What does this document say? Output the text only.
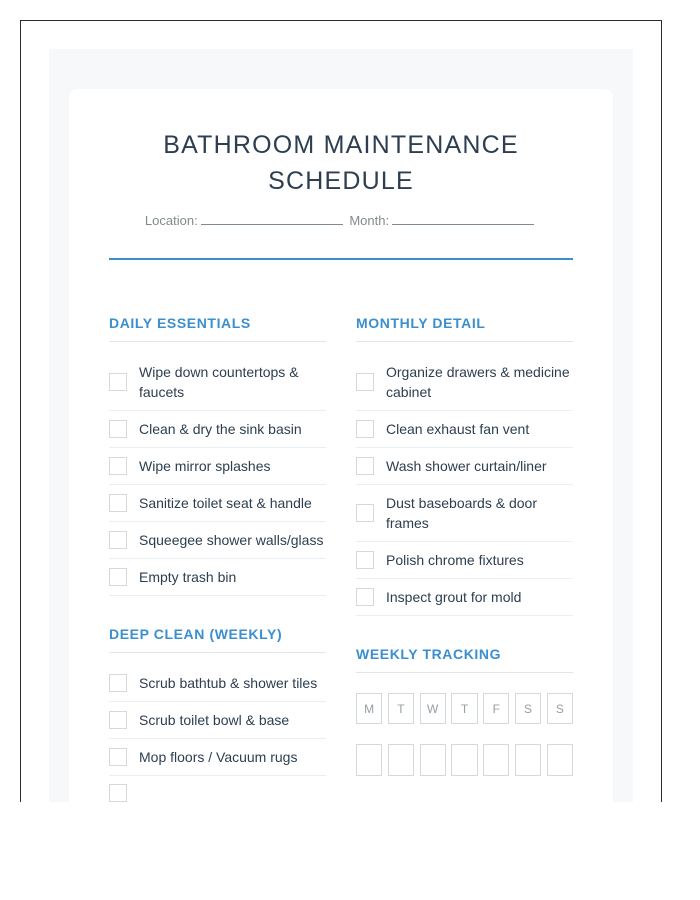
BATHROOM MAINTENANCE
SCHEDULE
Location:	Month:
DAILY ESSENTIALS
Wipe down countertops & faucets
Clean & dry the sink basin
Wipe mirror splashes
Sanitize toilet seat & handle
Squeegee shower walls/glass
Empty trash bin
DEEP CLEAN (WEEKLY)
Scrub bathtub & shower tiles
Scrub toilet bowl & base
Mop floors / Vacuum rugs
MONTHLY DETAIL
Organize drawers & medicine cabinet
Clean exhaust fan vent
Wash shower curtain/liner
Dust baseboards & door frames
Polish chrome fixtures
Inspect grout for mold
WEEKLY TRACKING
M	T	W	T	F	S	S
